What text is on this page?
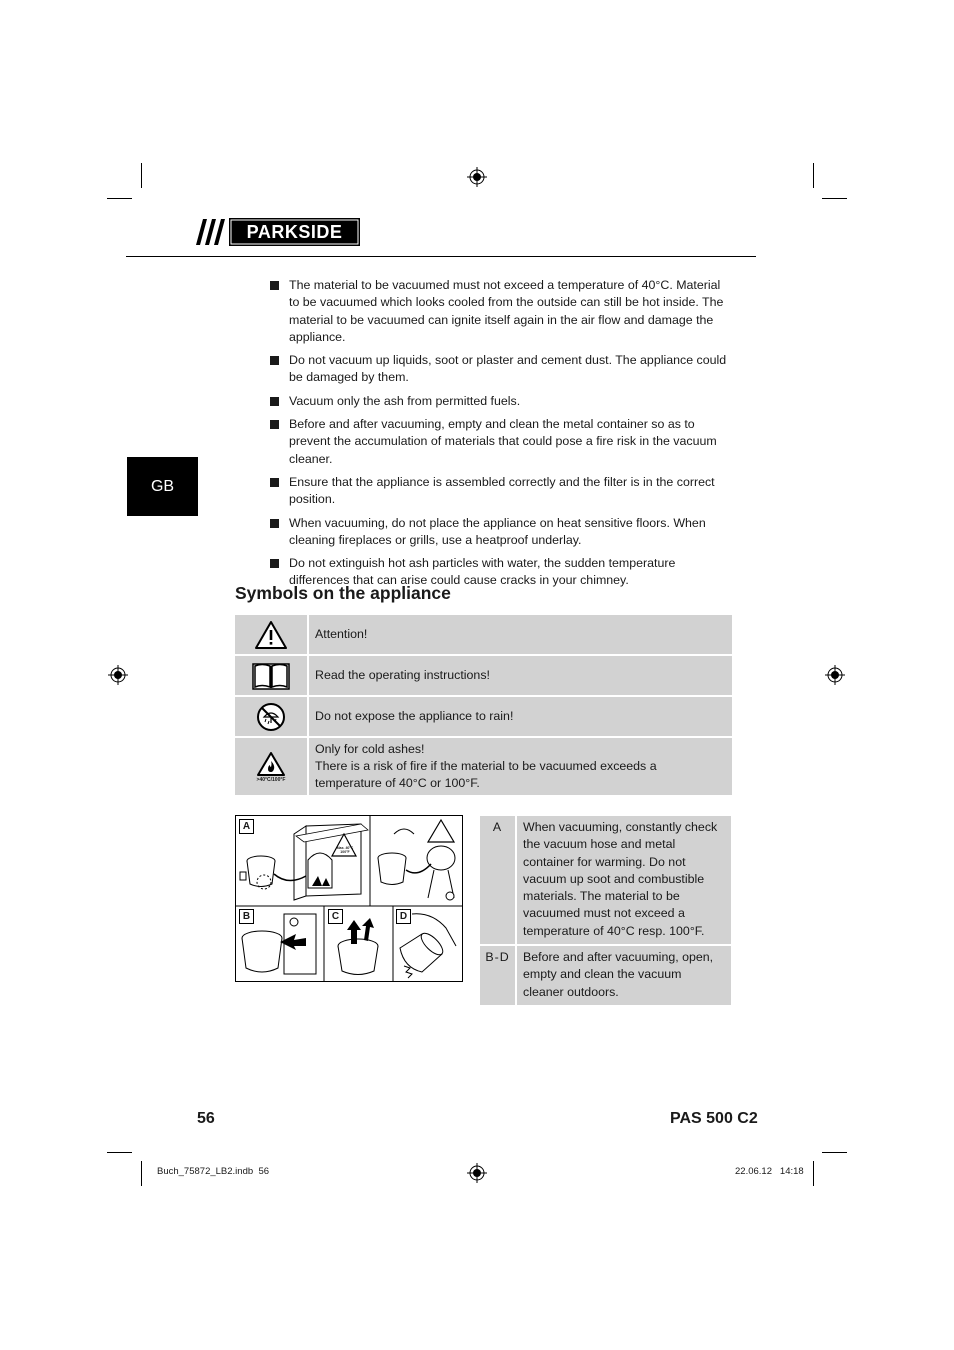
PARKSIDE
GB
The material to be vacuumed must not exceed a temperature of 40°C. Material to be vacuumed which looks cooled from the outside can still be hot inside. The material to be vacuumed can ignite itself again in the air flow and damage the appliance.
Do not vacuum up liquids, soot or plaster and cement dust. The appliance could be damaged by them.
Vacuum only the ash from permitted fuels.
Before and after vacuuming, empty and clean the metal container so as to prevent the accumulation of materials that could pose a fire risk in the vacuum cleaner.
Ensure that the appliance is assembled correctly and the filter is in the correct position.
When vacuuming, do not place the appliance on heat sensitive floors. When cleaning fireplaces or grills, use a heatproof underlay.
Do not extinguish hot ash particles with water, the sudden temperature differences that can arise could cause cracks in your chimney.
Symbols on the appliance
Attention!
Read the operating instructions!
Do not expose the appliance to rain!
>40°C/100°F
Only for cold ashes!
There is a risk of fire if the material to be vacuumed exceeds a temperature of 40°C or 100°F.
Max. 40°C 100°F
A
B	C	D
A	When vacuuming, constantly check the vacuum hose and metal container for warming. Do not vacuum up soot and combustible materials. The material to be vacuumed must not exceed a temperature of 40°C resp. 100°F.
B-D	Before and after vacuuming, open, empty and clean the vacuum cleaner outdoors.
56	PAS 500 C2
Buch_75872_LB2.indb 56	22.06.12 14:18
